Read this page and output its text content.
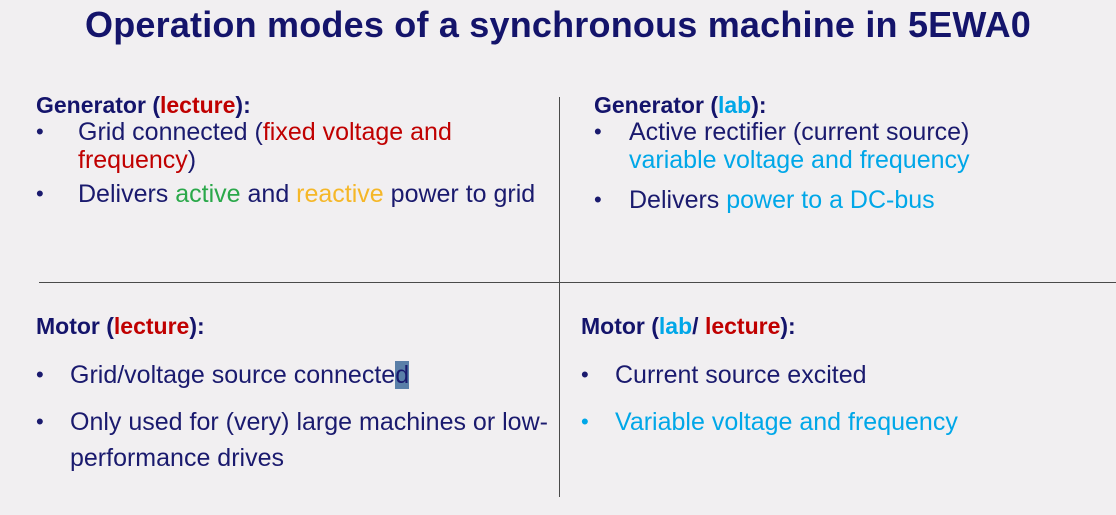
Operation modes of a synchronous machine in 5EWA0
Generator (lecture):
• Grid connected (fixed voltage and frequency)
• Delivers active and reactive power to grid
Generator (lab):
• Active rectifier (current source)
variable voltage and frequency
• Delivers power to a DC-bus
Motor (lecture):
• Grid/voltage source connected
• Only used for (very) large machines or low-performance drives
Motor (lab/ lecture):
• Current source excited
• Variable voltage and frequency
